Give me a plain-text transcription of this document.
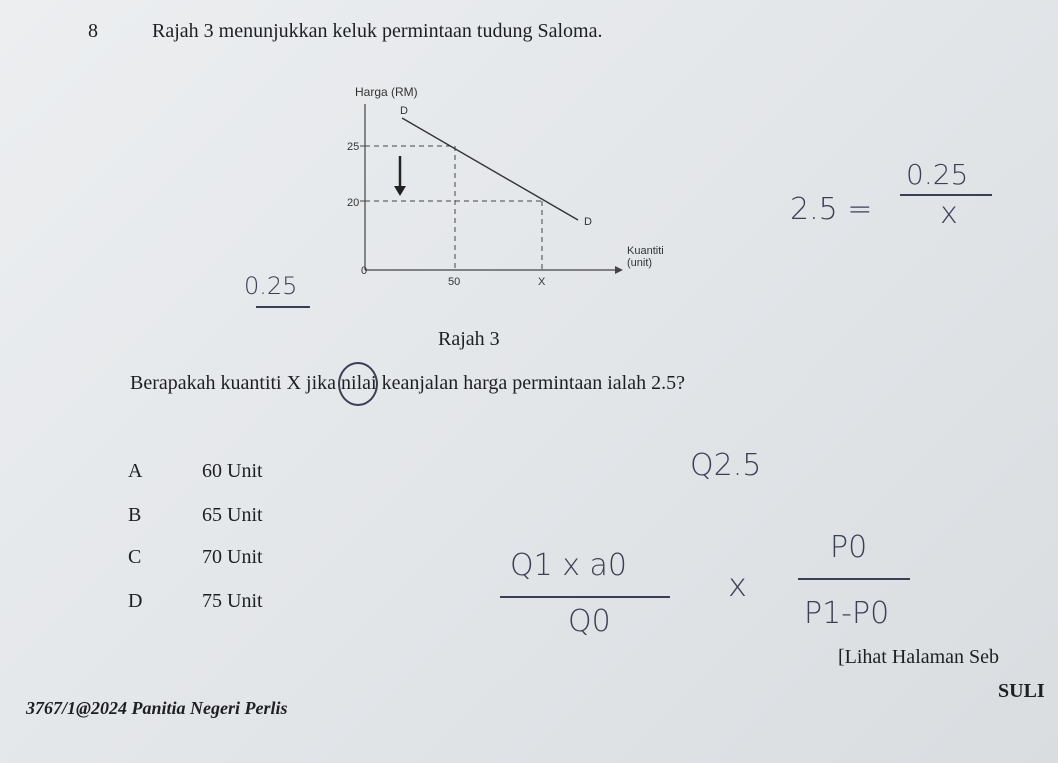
8	Rajah 3 menunjukkan keluk permintaan tudung Saloma.
Harga (RM)
Kuantiti
(unit)
25
20
0
50	X
D
D
0.25
2.5 =
0.25
x
Rajah 3
Berapakah kuantiti X jika nilai keanjalan harga permintaan ialah 2.5?
A	60 Unit
B	65 Unit
C	70 Unit
D	75 Unit
Q2.5
Q1 x a0
Q0
x
P0
P1-P0
[Lihat Halaman Seb
SULI
3767/1@2024 Panitia Negeri Perlis
